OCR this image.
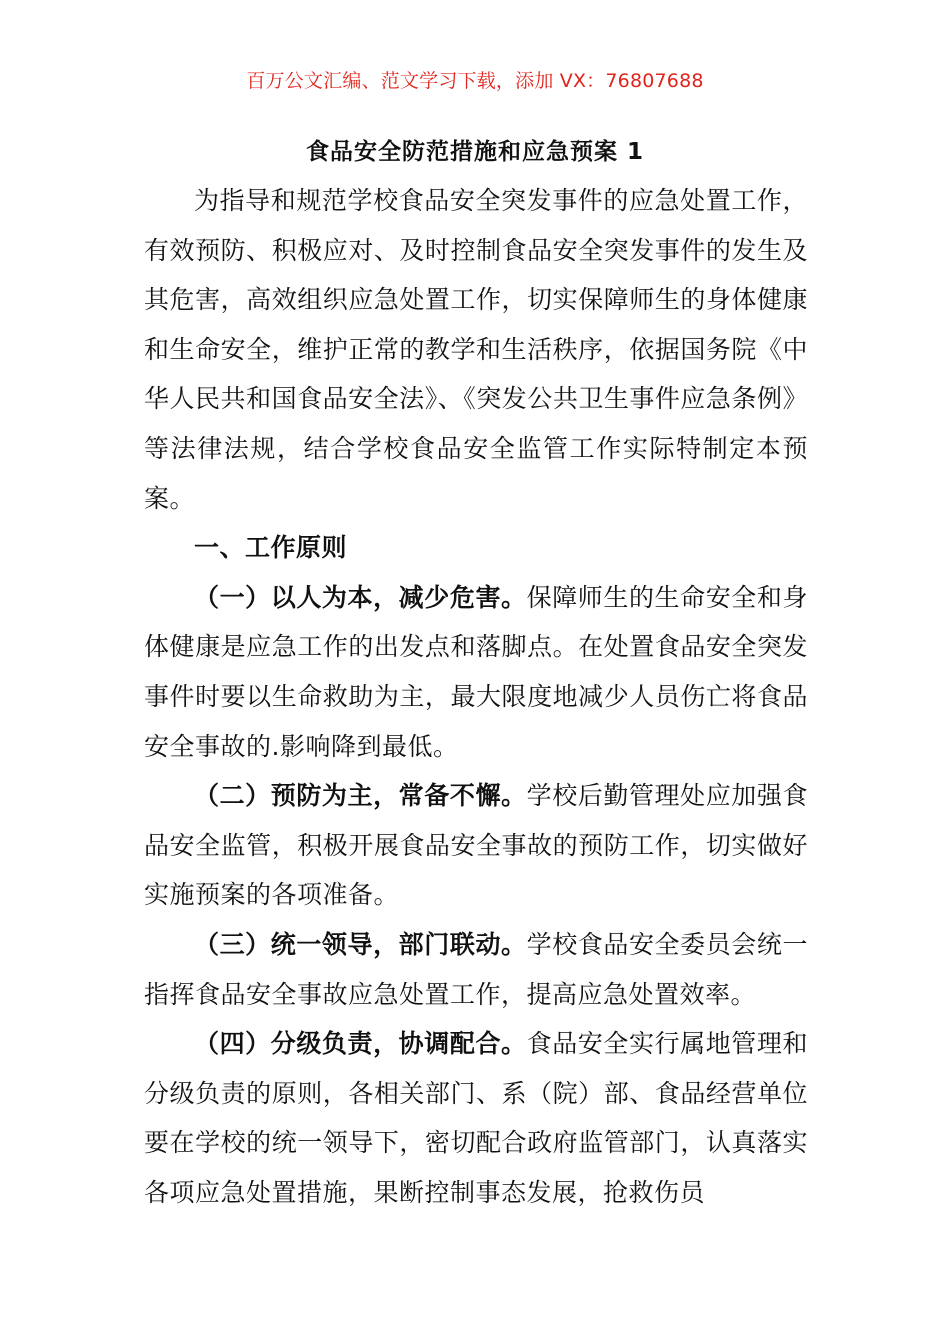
百万公文汇编、范文学习下载，添加 VX：76807688
食品安全防范措施和应急预案 1

为指导和规范学校食品安全突发事件的应急处置工作，有效预防、积极应对、及时控制食品安全突发事件的发生及其危害，高效组织应急处置工作，切实保障师生的身体健康和生命安全，维护正常的教学和生活秩序，依据国务院《中华人民共和国食品安全法》、《突发公共卫生事件应急条例》等法律法规，结合学校食品安全监管工作实际特制定本预案。

一、工作原则

（一）以人为本，减少危害。保障师生的生命安全和身体健康是应急工作的出发点和落脚点。在处置食品安全突发事件时要以生命救助为主，最大限度地减少人员伤亡将食品安全事故的.影响降到最低。

（二）预防为主，常备不懈。学校后勤管理处应加强食品安全监管，积极开展食品安全事故的预防工作，切实做好实施预案的各项准备。

（三）统一领导，部门联动。学校食品安全委员会统一指挥食品安全事故应急处置工作，提高应急处置效率。

（四）分级负责，协调配合。食品安全实行属地管理和分级负责的原则，各相关部门、系（院）部、食品经营单位要在学校的统一领导下，密切配合政府监管部门，认真落实各项应急处置措施，果断控制事态发展，抢救伤员
